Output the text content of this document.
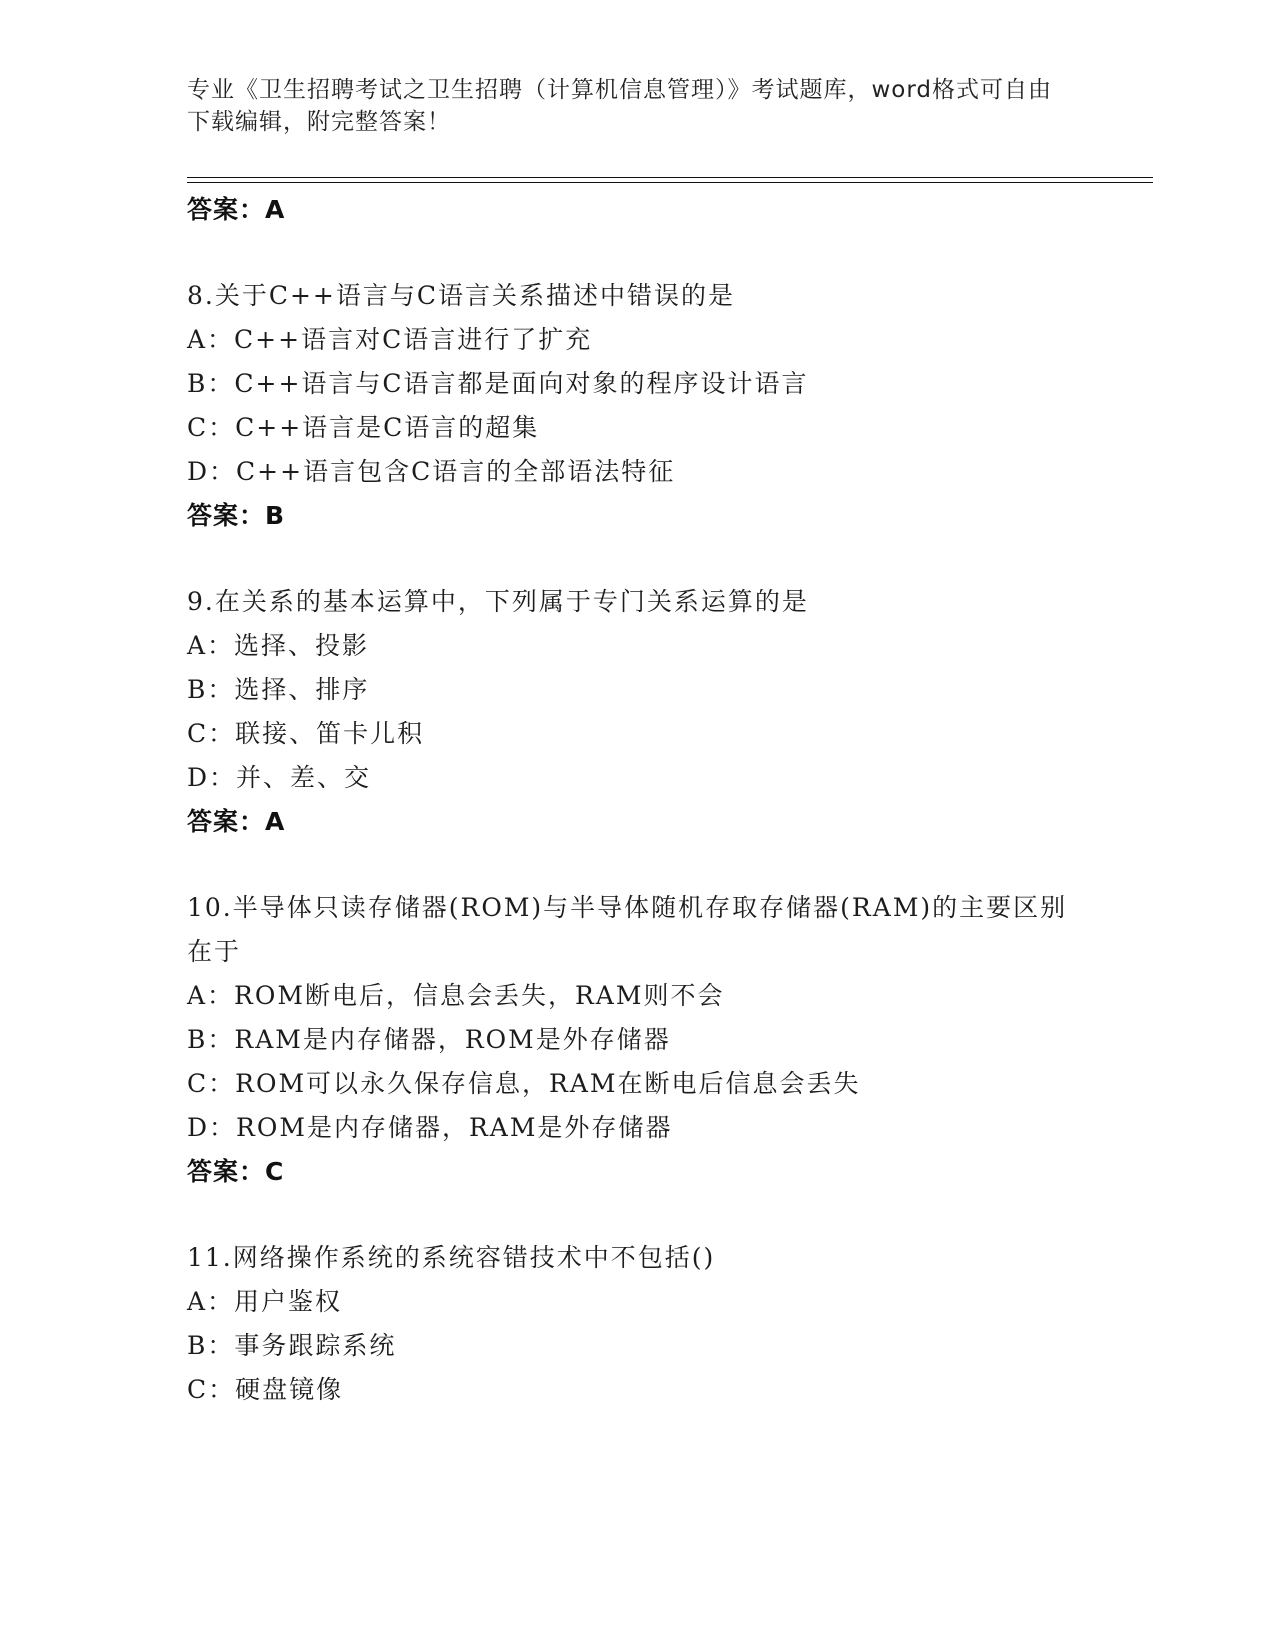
专业《卫生招聘考试之卫生招聘（计算机信息管理）》考试题库，word格式可自由下载编辑，附完整答案！
答案：A
8.关于C++语言与C语言关系描述中错误的是
A：C++语言对C语言进行了扩充
B：C++语言与C语言都是面向对象的程序设计语言
C：C++语言是C语言的超集
D：C++语言包含C语言的全部语法特征
答案：B
9.在关系的基本运算中，下列属于专门关系运算的是
A：选择、投影
B：选择、排序
C：联接、笛卡儿积
D：并、差、交
答案：A
10.半导体只读存储器(ROM)与半导体随机存取存储器(RAM)的主要区别
在于
A：ROM断电后，信息会丢失，RAM则不会
B：RAM是内存储器，ROM是外存储器
C：ROM可以永久保存信息，RAM在断电后信息会丢失
D：ROM是内存储器，RAM是外存储器
答案：C
11.网络操作系统的系统容错技术中不包括()
A：用户鉴权
B：事务跟踪系统
C：硬盘镜像
